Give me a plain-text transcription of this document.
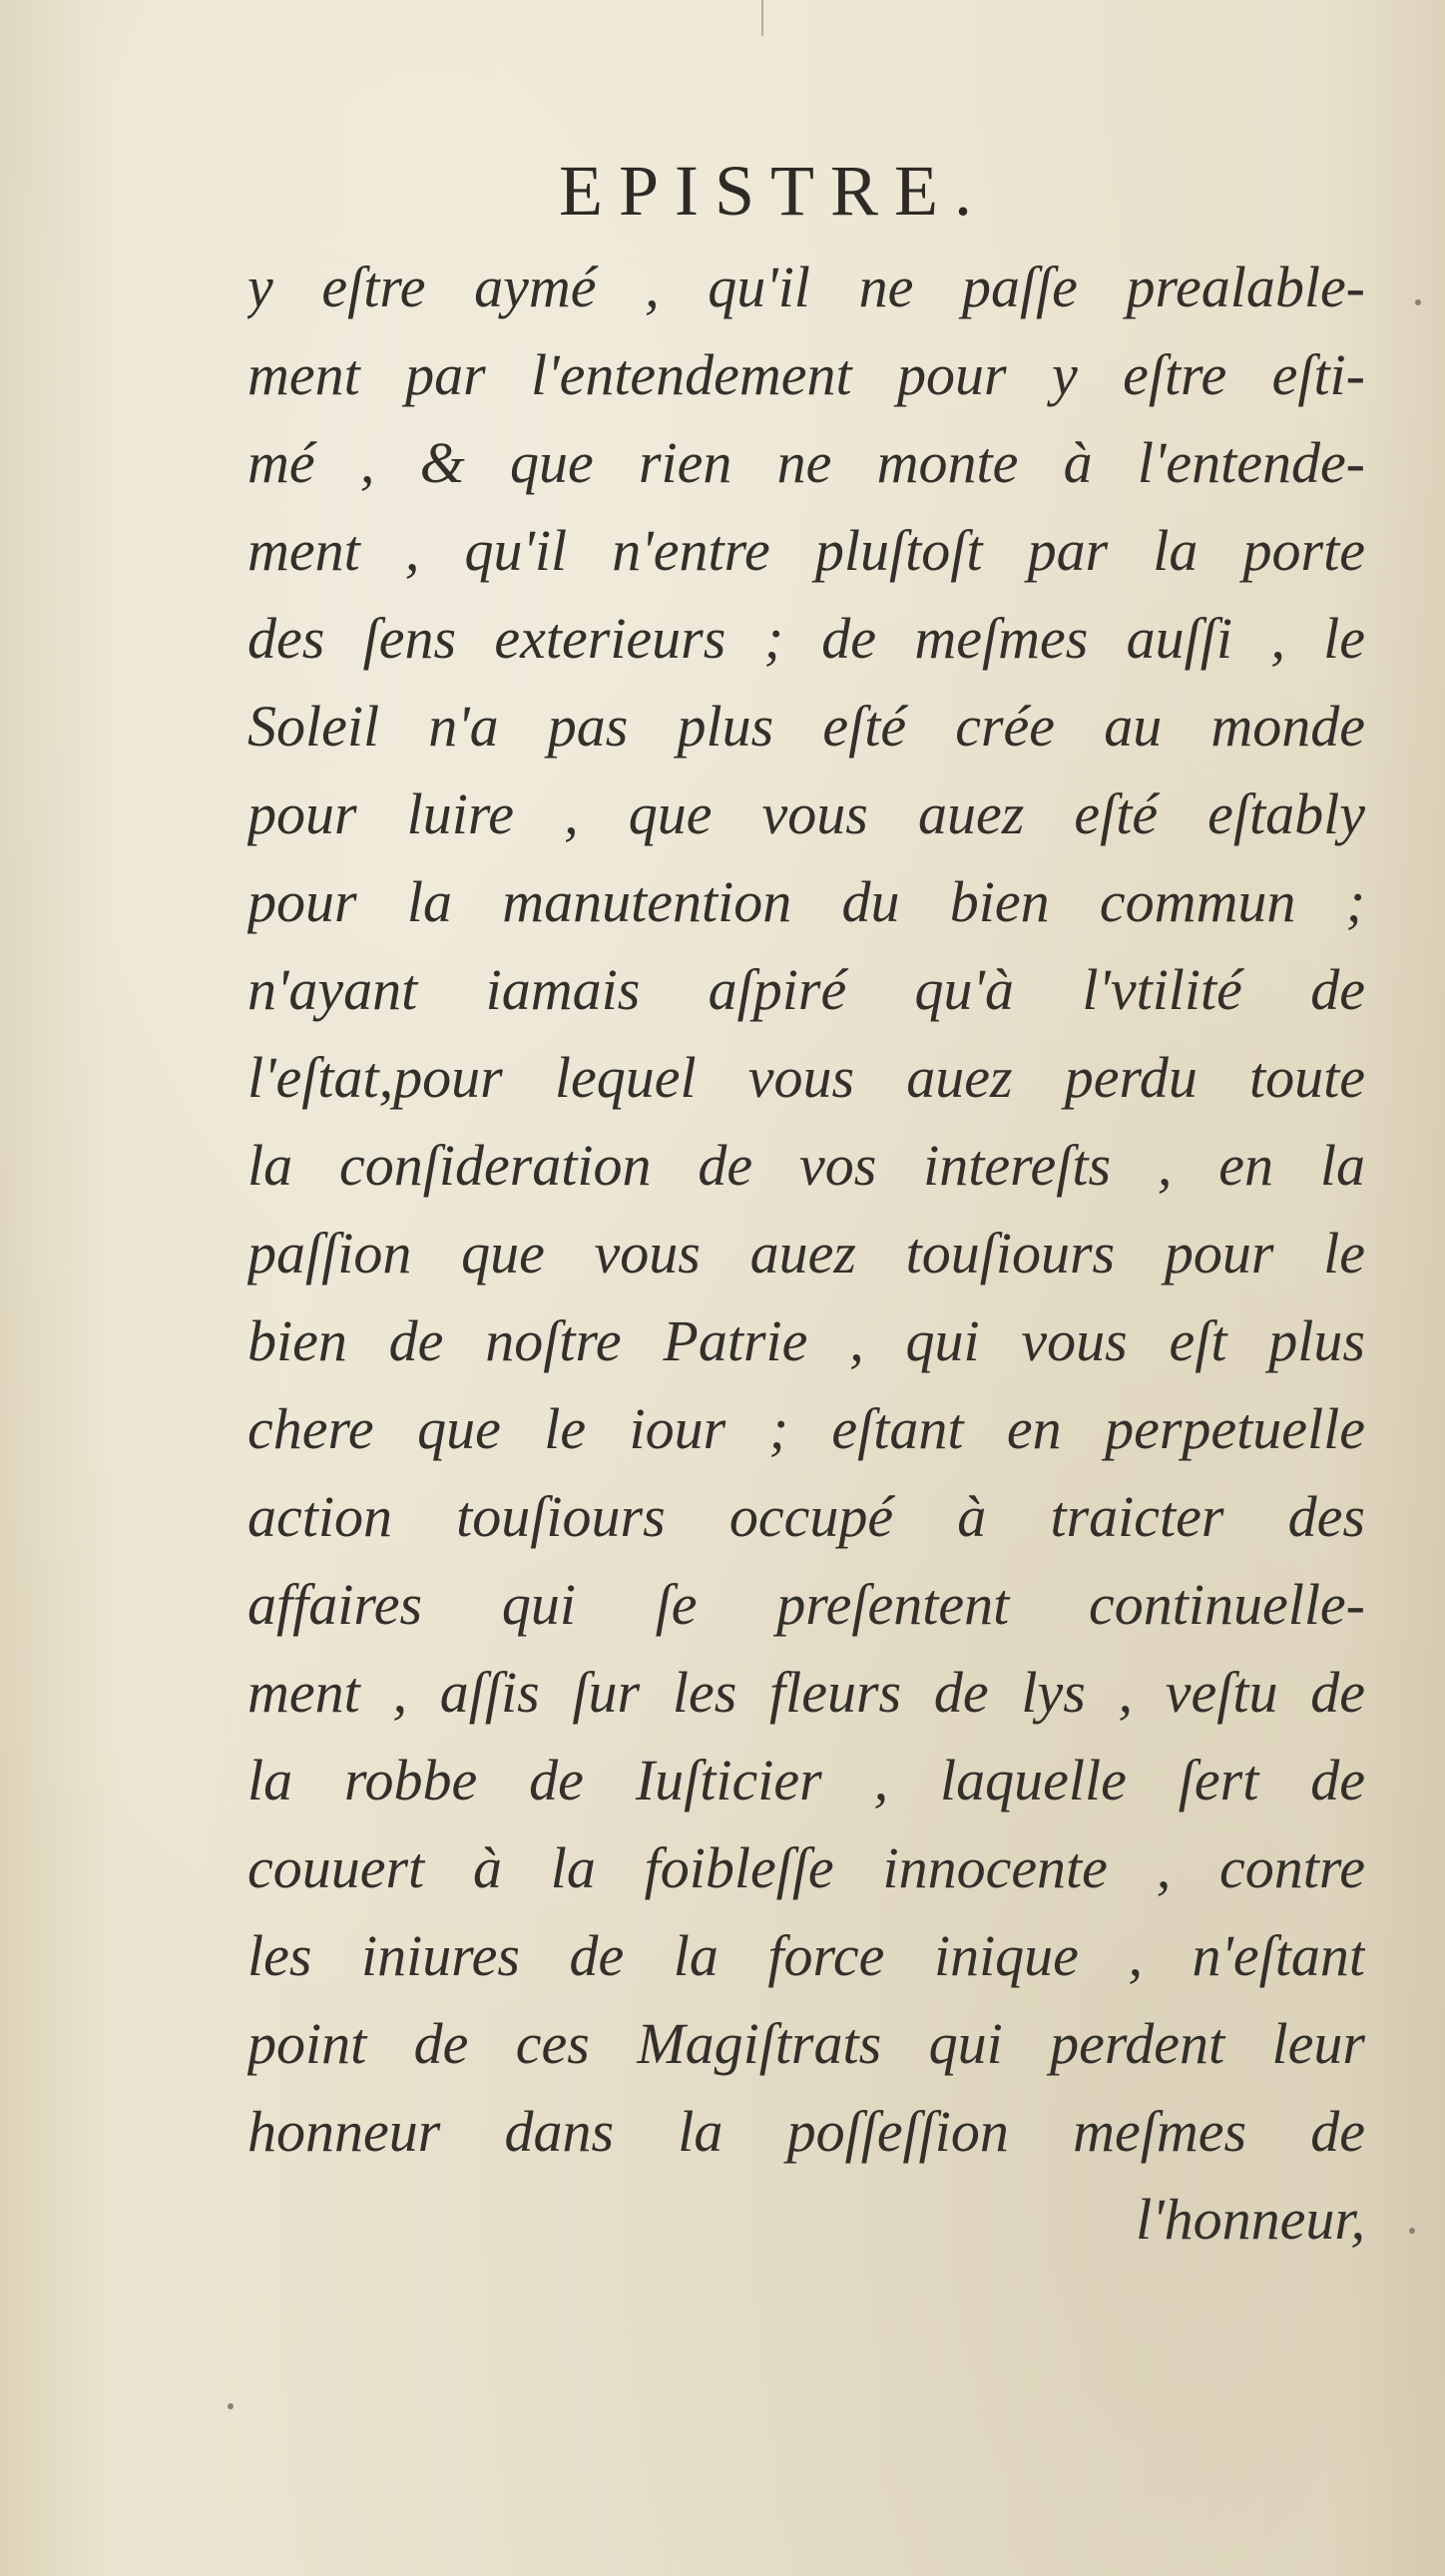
EPISTRE.
y eſtre aymé , qu'il ne paſſe prealable-
ment par l'entendement pour y eſtre eſti-
mé , & que rien ne monte à l'entende-
ment , qu'il n'entre pluſtoſt par la porte
des ſens exterieurs ; de meſmes auſſi , le
Soleil n'a pas plus eſté crée au monde
pour luire , que vous auez eſté eſtably
pour la manutention du bien commun ;
n'ayant iamais aſpiré qu'à l'vtilité de
l'eſtat,pour lequel vous auez perdu toute
la conſideration de vos intereſts , en la
paſſion que vous auez touſiours pour le
bien de noſtre Patrie , qui vous eſt plus
chere que le iour ; eſtant en perpetuelle
action touſiours occupé à traicter des
affaires qui ſe preſentent continuelle-
ment , aſſis ſur les fleurs de lys , veſtu de
la robbe de Iuſticier , laquelle ſert de
couuert à la foibleſſe innocente , contre
les iniures de la force inique , n'eſtant
point de ces Magiſtrats qui perdent leur
honneur dans la poſſeſſion meſmes de
l'honneur,
